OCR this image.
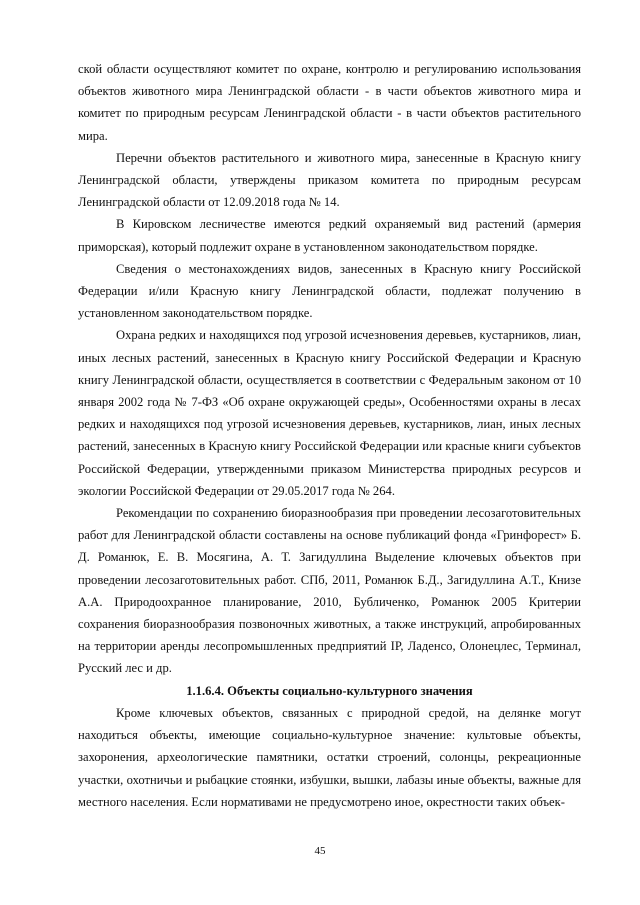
ской области осуществляют комитет по охране, контролю и регулированию использования объектов животного мира Ленинградской области - в части объектов животного мира и комитет по природным ресурсам Ленинградской области - в части объектов растительного мира.

Перечни объектов растительного и животного мира, занесенные в Красную книгу Ленинградской области, утверждены приказом комитета по природным ресурсам Ленинградской области от 12.09.2018 года № 14.

В Кировском лесничестве имеются редкий охраняемый вид растений (армерия приморская), который подлежит охране в установленном законодательством порядке.

Сведения о местонахождениях видов, занесенных в Красную книгу Российской Федерации и/или Красную книгу Ленинградской области, подлежат получению в установленном законодательством порядке.

Охрана редких и находящихся под угрозой исчезновения деревьев, кустарников, лиан, иных лесных растений, занесенных в Красную книгу Российской Федерации и Красную книгу Ленинградской области, осуществляется в соответствии с Федеральным законом от 10 января 2002 года № 7-ФЗ «Об охране окружающей среды», Особенностями охраны в лесах редких и находящихся под угрозой исчезновения деревьев, кустарников, лиан, иных лесных растений, занесенных в Красную книгу Российской Федерации или красные книги субъектов Российской Федерации, утвержденными приказом Министерства природных ресурсов и экологии Российской Федерации от 29.05.2017 года № 264.

Рекомендации по сохранению биоразнообразия при проведении лесозаготовительных работ для Ленинградской области составлены на основе публикаций фонда «Гринфорест» Б. Д. Романюк, Е. В. Мосягина, А. Т. Загидуллина Выделение ключевых объектов при проведении лесозаготовительных работ. СПб, 2011, Романюк Б.Д., Загидуллина А.Т., Книзе А.А. Природоохранное планирование, 2010, Бубличенко, Романюк 2005 Критерии сохранения биоразнообразия позвоночных животных, а также инструкций, апробированных на территории аренды лесопромышленных предприятий IP, Ладенсо, Олонецлес, Терминал, Русский лес и др.

1.1.6.4. Объекты социально-культурного значения

Кроме ключевых объектов, связанных с природной средой, на делянке могут находиться объекты, имеющие социально-культурное значение: культовые объекты, захоронения, археологические памятники, остатки строений, солонцы, рекреационные участки, охотничьи и рыбацкие стоянки, избушки, вышки, лабазы иные объекты, важные для местного населения. Если нормативами не предусмотрено иное, окрестности таких объек-

45
